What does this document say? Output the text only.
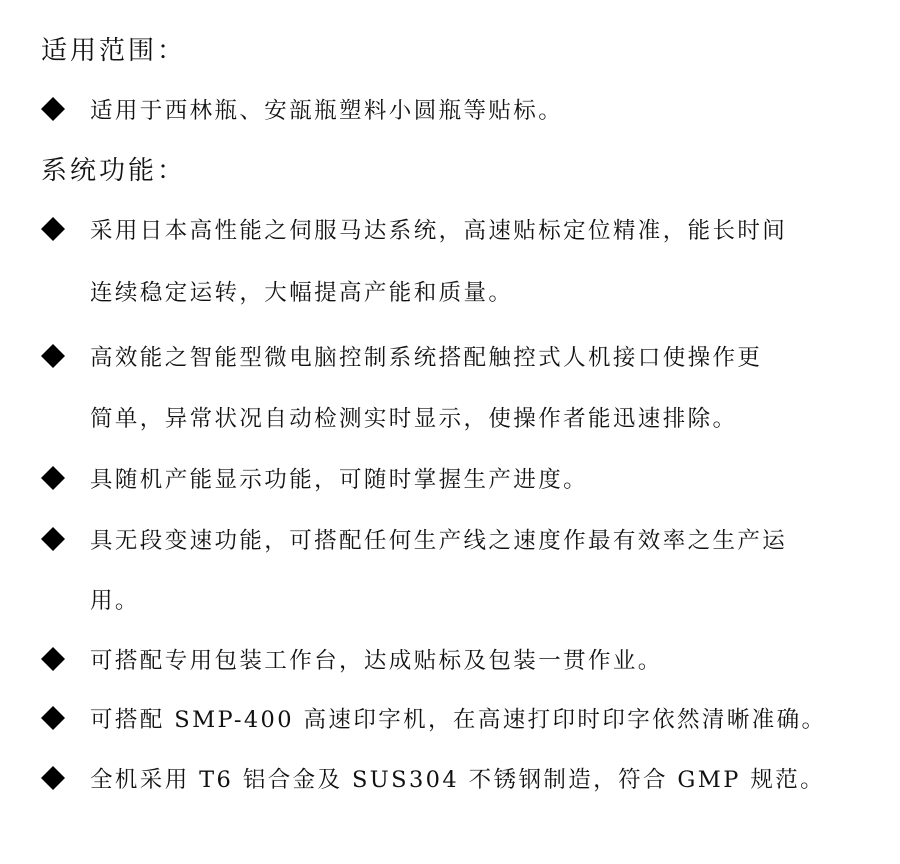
适用范围：
适用于西林瓶、安瓿瓶塑料小圆瓶等贴标。
系统功能：
采用日本高性能之伺服马达系统，高速贴标定位精准，能长时间
连续稳定运转，大幅提高产能和质量。
高效能之智能型微电脑控制系统搭配触控式人机接口使操作更
简单，异常状况自动检测实时显示，使操作者能迅速排除。
具随机产能显示功能，可随时掌握生产进度。
具无段变速功能，可搭配任何生产线之速度作最有效率之生产运
用。
可搭配专用包装工作台，达成贴标及包装一贯作业。
可搭配 SMP-400 高速印字机，在高速打印时印字依然清晰准确。
全机采用 T6 铝合金及 SUS304 不锈钢制造，符合 GMP 规范。
